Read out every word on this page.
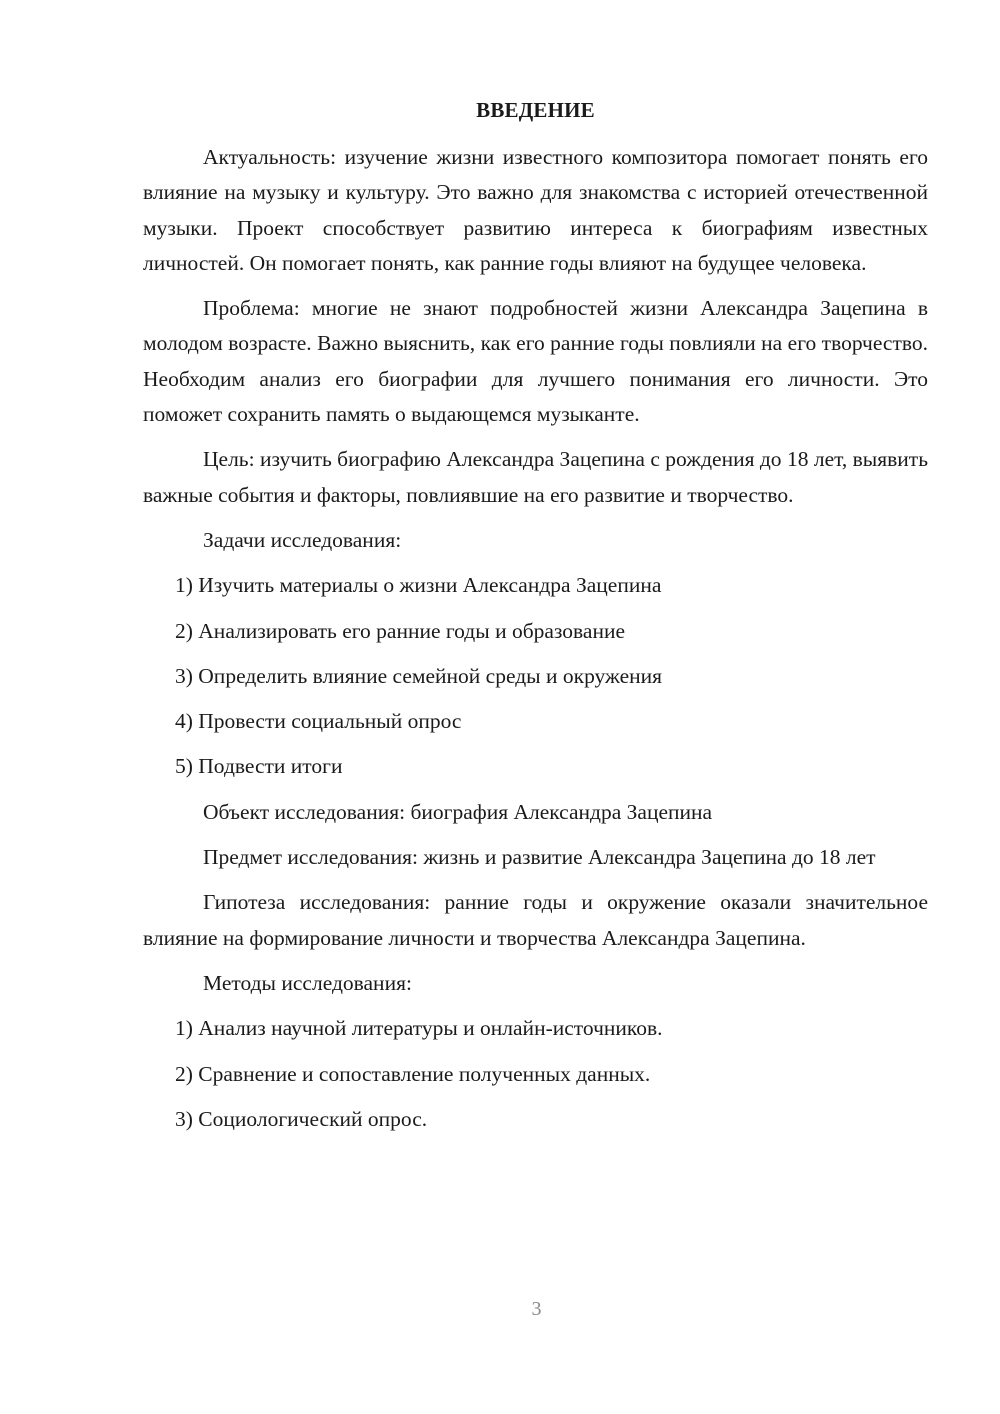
ВВЕДЕНИЕ

Актуальность: изучение жизни известного композитора помогает понять его влияние на музыку и культуру. Это важно для знакомства с историей отечественной музыки. Проект способствует развитию интереса к биографиям известных личностей. Он помогает понять, как ранние годы влияют на будущее человека.

Проблема: многие не знают подробностей жизни Александра Зацепина в молодом возрасте. Важно выяснить, как его ранние годы повлияли на его творчество. Необходим анализ его биографии для лучшего понимания его личности. Это поможет сохранить память о выдающемся музыканте.

Цель: изучить биографию Александра Зацепина с рождения до 18 лет, выявить важные события и факторы, повлиявшие на его развитие и творчество.

Задачи исследования:

1) Изучить материалы о жизни Александра Зацепина

2) Анализировать его ранние годы и образование

3) Определить влияние семейной среды и окружения

4) Провести социальный опрос

5) Подвести итоги

Объект исследования: биография Александра Зацепина

Предмет исследования: жизнь и развитие Александра Зацепина до 18 лет

Гипотеза исследования: ранние годы и окружение оказали значительное влияние на формирование личности и творчества Александра Зацепина.

Методы исследования:

1) Анализ научной литературы и онлайн-источников.

2) Сравнение и сопоставление полученных данных.

3) Социологический опрос.

3
